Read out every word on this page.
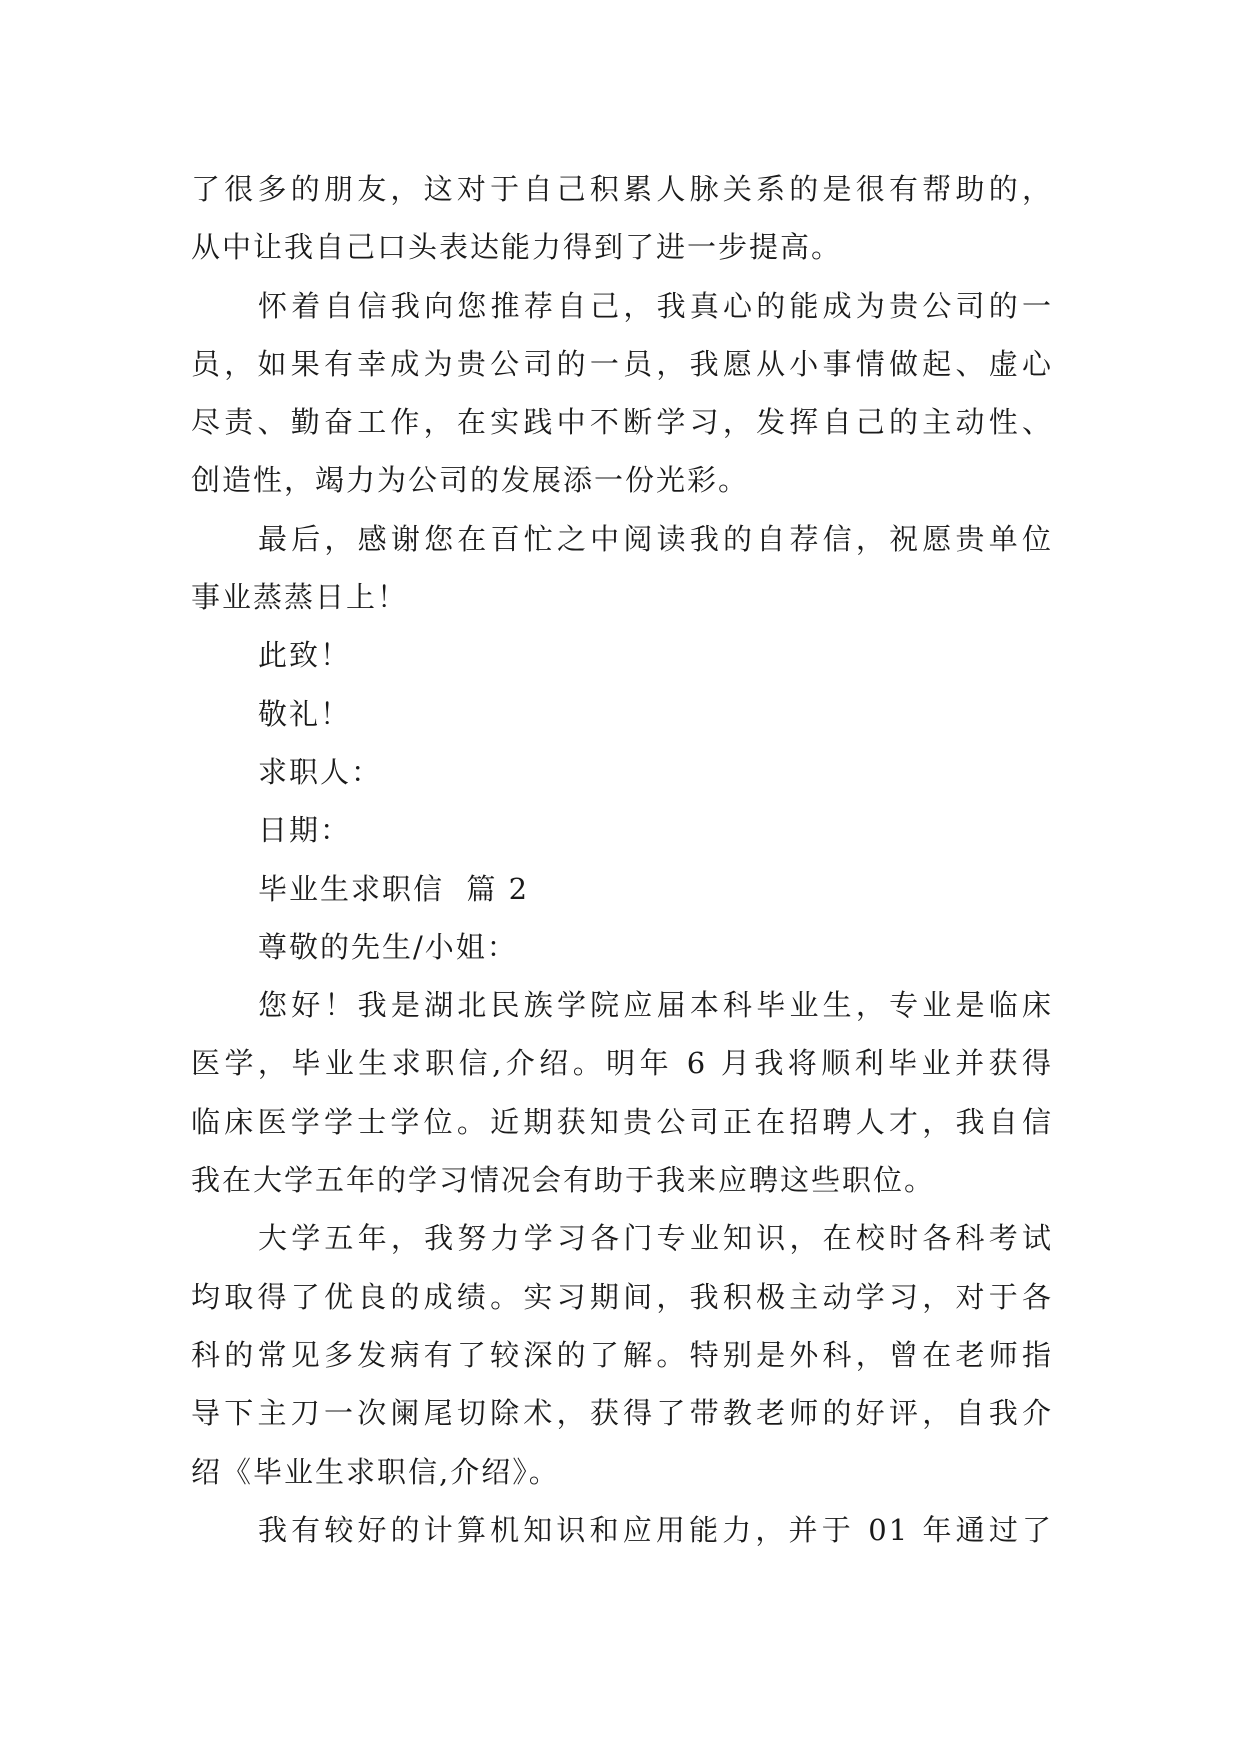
了很多的朋友，这对于自己积累人脉关系的是很有帮助的，
从中让我自己口头表达能力得到了进一步提高。
怀着自信我向您推荐自己，我真心的能成为贵公司的一
员，如果有幸成为贵公司的一员，我愿从小事情做起、虚心
尽责、勤奋工作，在实践中不断学习，发挥自己的主动性、
创造性，竭力为公司的发展添一份光彩。
最后，感谢您在百忙之中阅读我的自荐信，祝愿贵单位
事业蒸蒸日上！
此致！
敬礼！
求职人：
日期：
毕业生求职信  篇 2
尊敬的先生/小姐：
您好！我是湖北民族学院应届本科毕业生，专业是临床
医学，毕业生求职信,介绍。明年 6 月我将顺利毕业并获得
临床医学学士学位。近期获知贵公司正在招聘人才，我自信
我在大学五年的学习情况会有助于我来应聘这些职位。
大学五年，我努力学习各门专业知识，在校时各科考试
均取得了优良的成绩。实习期间，我积极主动学习，对于各
科的常见多发病有了较深的了解。特别是外科，曾在老师指
导下主刀一次阑尾切除术，获得了带教老师的好评，自我介
绍《毕业生求职信,介绍》。
我有较好的计算机知识和应用能力，并于 01 年通过了
